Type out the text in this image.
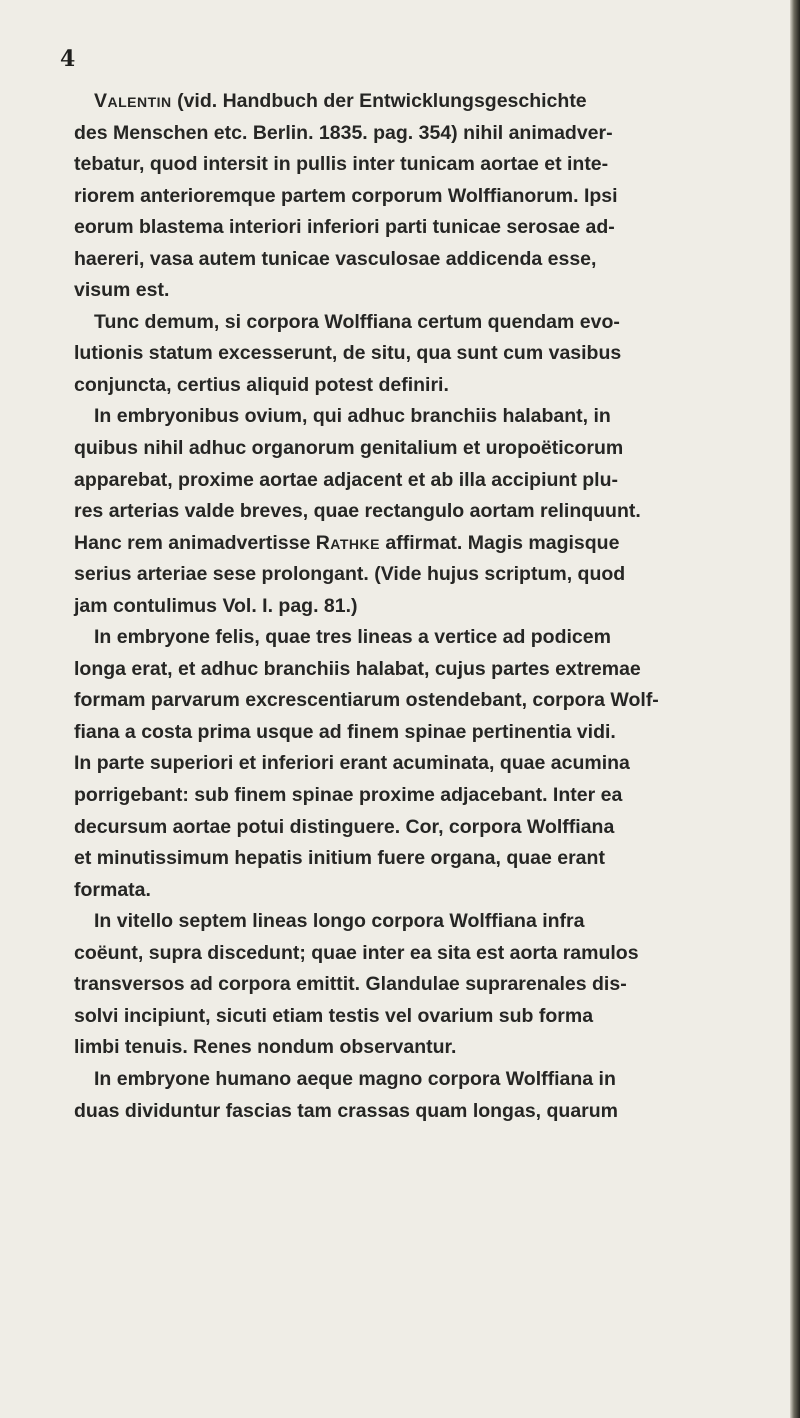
4
Valentin (vid. Handbuch der Entwicklungsgeschichte
des Menschen etc. Berlin. 1835. pag. 354) nihil animadver-
tebatur, quod intersit in pullis inter tunicam aortae et inte-
riorem anterioremque partem corporum Wolffianorum. Ipsi
eorum blastema interiori inferiori parti tunicae serosae ad-
haereri, vasa autem tunicae vasculosae addicenda esse,
visum est.
Tunc demum, si corpora Wolffiana certum quendam evo-
lutionis statum excesserunt, de situ, qua sunt cum vasibus
conjuncta, certius aliquid potest definiri.
In embryonibus ovium, qui adhuc branchiis halabant, in
quibus nihil adhuc organorum genitalium et uropoëticorum
apparebat, proxime aortae adjacent et ab illa accipiunt plu-
res arterias valde breves, quae rectangulo aortam relinquunt.
Hanc rem animadvertisse Rathke affirmat. Magis magisque
serius arteriae sese prolongant. (Vide hujus scriptum, quod
jam contulimus Vol. I. pag. 81.)
In embryone felis, quae tres lineas a vertice ad podicem
longa erat, et adhuc branchiis halabat, cujus partes extremae
formam parvarum excrescentiarum ostendebant, corpora Wolf-
fiana a costa prima usque ad finem spinae pertinentia vidi.
In parte superiori et inferiori erant acuminata, quae acumina
porrigebant: sub finem spinae proxime adjacebant. Inter ea
decursum aortae potui distinguere. Cor, corpora Wolffiana
et minutissimum hepatis initium fuere organa, quae erant
formata.
In vitello septem lineas longo corpora Wolffiana infra
coëunt, supra discedunt; quae inter ea sita est aorta ramulos
transversos ad corpora emittit. Glandulae suprarenales dis-
solvi incipiunt, sicuti etiam testis vel ovarium sub forma
limbi tenuis. Renes nondum observantur.
In embryone humano aeque magno corpora Wolffiana in
duas dividuntur fascias tam crassas quam longas, quarum
